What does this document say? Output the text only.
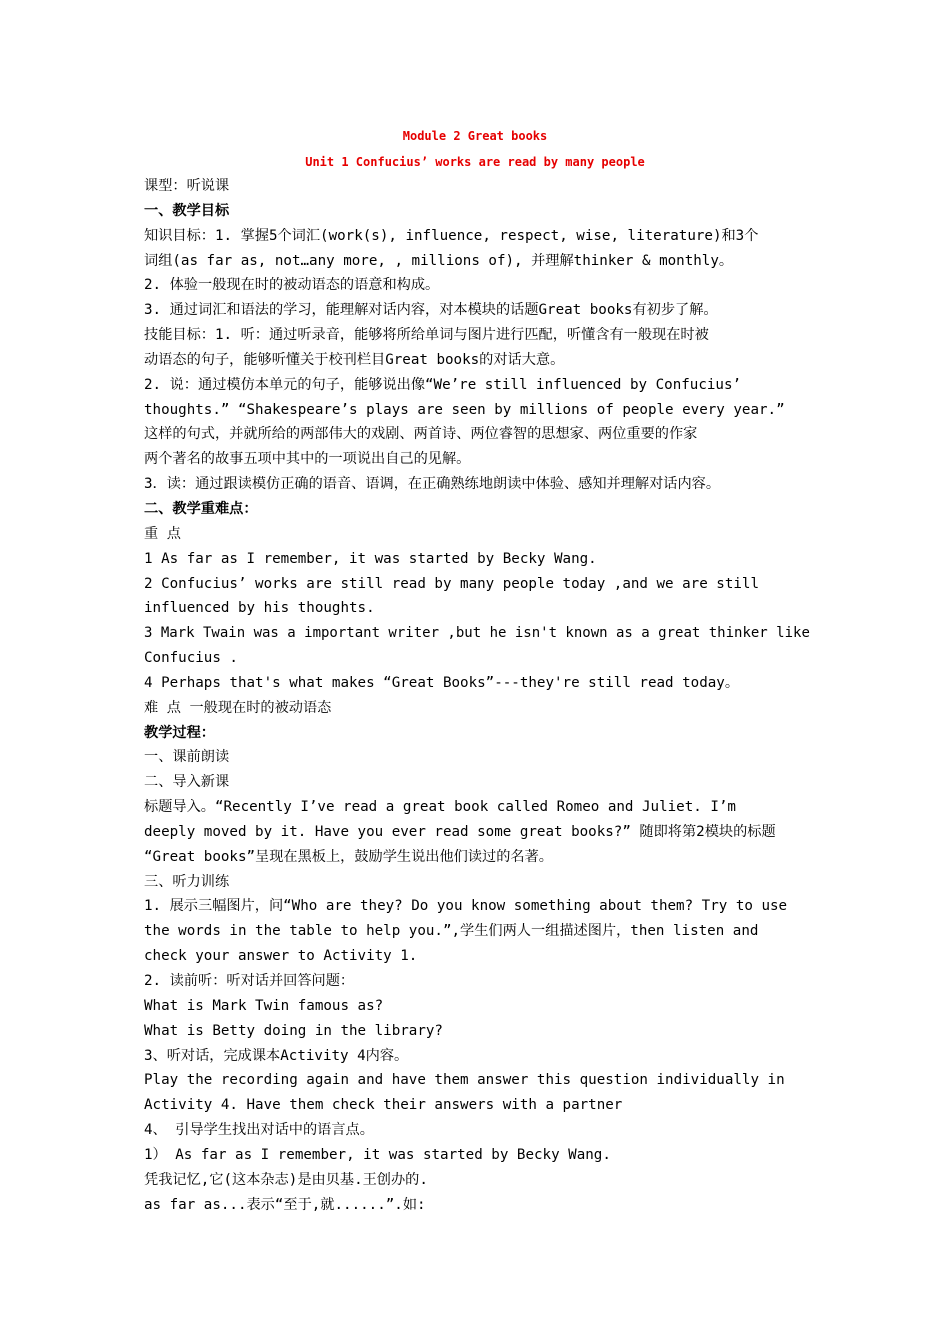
Module 2 Great books
Unit 1 Confucius’ works are read by many people
课型：听说课
一、教学目标
知识目标：1. 掌握5个词汇(work(s), influence, respect, wise, literature)和3个
词组(as far as, not…any more, , millions of), 并理解thinker & monthly。
2. 体验一般现在时的被动语态的语意和构成。
3. 通过词汇和语法的学习，能理解对话内容，对本模块的话题Great books有初步了解。
技能目标：1. 听：通过听录音，能够将所给单词与图片进行匹配，听懂含有一般现在时被
动语态的句子，能够听懂关于校刊栏目Great books的对话大意。
2. 说：通过模仿本单元的句子，能够说出像“We’re still influenced by Confucius’
thoughts.” “Shakespeare’s plays are seen by millions of people every year.”
这样的句式，并就所给的两部伟大的戏剧、两首诗、两位睿智的思想家、两位重要的作家
两个著名的故事五项中其中的一项说出自己的见解。
3．读：通过跟读模仿正确的语音、语调，在正确熟练地朗读中体验、感知并理解对话内容。
二、教学重难点：
重 点
1 As far as I remember, it was started by Becky Wang.
2 Confucius’ works are still read by many people today ,and we are still
influenced by his thoughts.
3 Mark Twain was a important writer ,but he isn't known as a great thinker like
Confucius .
4 Perhaps that's what makes “Great Books”---they're still read today。
难 点 一般现在时的被动语态
教学过程：
一、课前朗读
二、导入新课
标题导入。“Recently I’ve read a great book called Romeo and Juliet. I’m
deeply moved by it. Have you ever read some great books?” 随即将第2模块的标题
“Great books”呈现在黑板上，鼓励学生说出他们读过的名著。
三、听力训练
1. 展示三幅图片，问“Who are they? Do you know something about them? Try to use
the words in the table to help you.”,学生们两人一组描述图片，then listen and
check your answer to Activity 1.
2. 读前听：听对话并回答问题：
What is Mark Twin famous as?
What is Betty doing in the library?
3、听对话，完成课本Activity 4内容。
Play the recording again and have them answer this question individually in
Activity 4. Have them check their answers with a partner
4、 引导学生找出对话中的语言点。
1） As far as I remember, it was started by Becky Wang.
凭我记忆,它(这本杂志)是由贝基.王创办的.
as far as...表示“至于,就......”.如:
